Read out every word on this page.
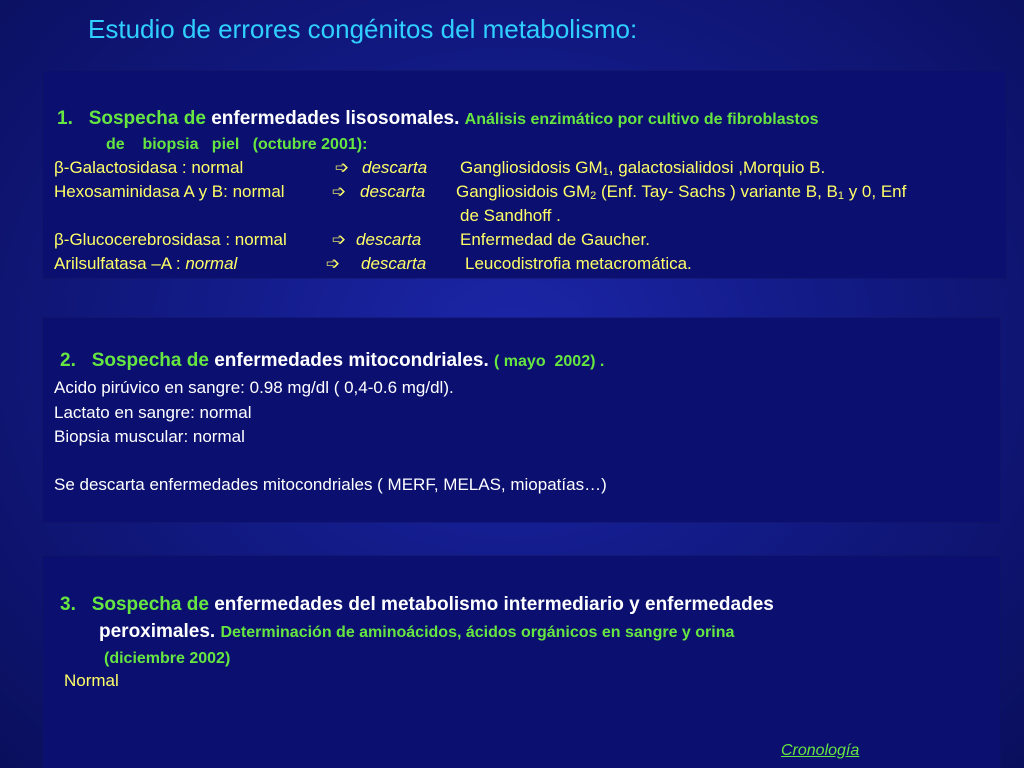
Estudio de errores congénitos del metabolismo:
1. Sospecha de enfermedades lisosomales. Análisis enzimático por cultivo de fibroblastos
de    biopsia   piel   (octubre 2001):
β-Galactosidasa : normal	➩ descarta Gangliosidosis $GM_1$, galactosialidosi ,Morquio B.
Hexosaminidasa A y B: normal	➩ descarta Gangliosidois $GM_2$ (Enf. Tay- Sachs ) variante B, $B_1$ y 0, Enf
de Sandhoff .
β-Glucocerebrosidasa : normal	➩ descarta Enfermedad de Gaucher.
Arilsulfatasa –A : normal	➩ descarta Leucodistrofia metacromática.
2. Sospecha de enfermedades mitocondriales. ( mayo  2002) .
Acido pirúvico en sangre: 0.98 mg/dl ( 0,4-0.6 mg/dl).
Lactato en sangre: normal
Biopsia muscular: normal
Se descarta enfermedades mitocondriales ( MERF, MELAS, miopatías…)
3. Sospecha de enfermedades del metabolismo intermediario y enfermedades
peroximales. Determinación de aminoácidos, ácidos orgánicos en sangre y orina
(diciembre 2002)
Normal
Cronología
